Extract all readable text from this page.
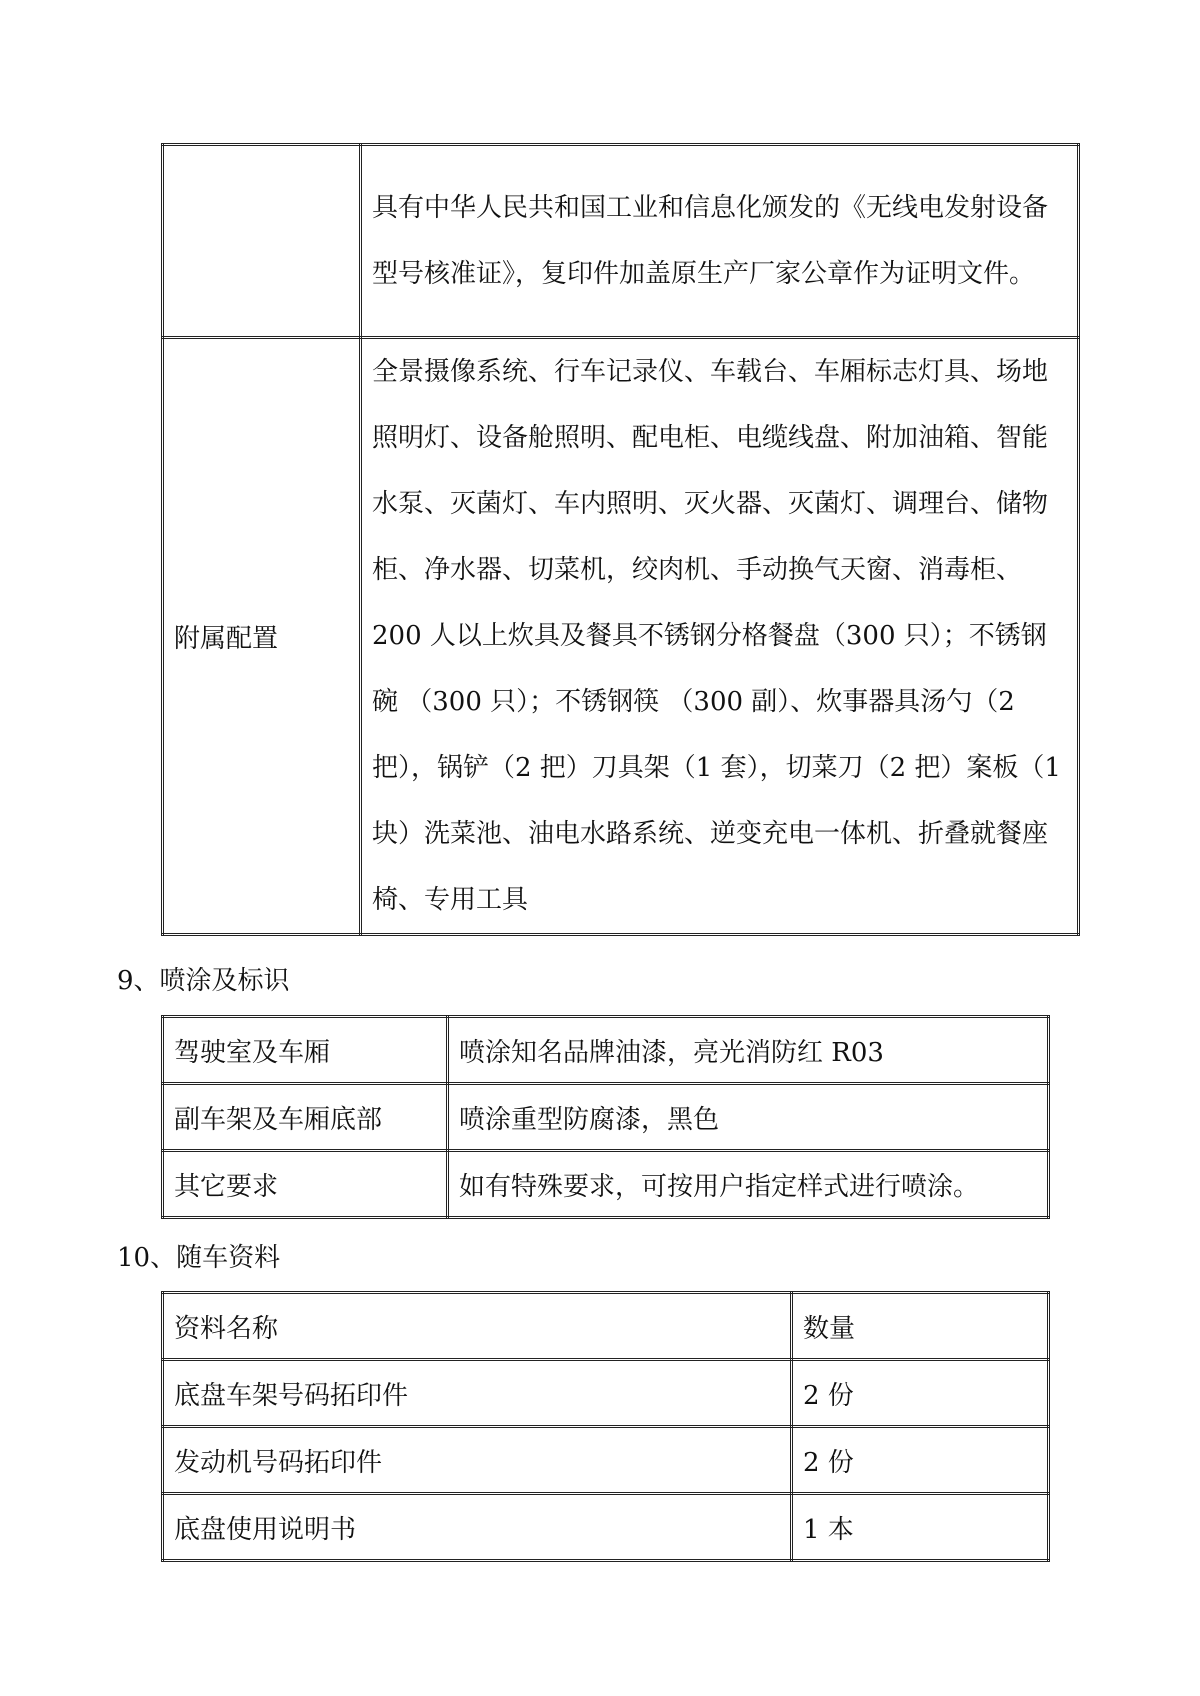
	具有中华人民共和国工业和信息化颁发的《无线电发射设备型号核准证》，复印件加盖原生产厂家公章作为证明文件。
附属配置	全景摄像系统、行车记录仪、车载台、车厢标志灯具、场地照明灯、设备舱照明、配电柜、电缆线盘、附加油箱、智能水泵、灭菌灯、车内照明、灭火器、灭菌灯、调理台、储物柜、净水器、切菜机，绞肉机、手动换气天窗、消毒柜、200 人以上炊具及餐具不锈钢分格餐盘（300 只）；不锈钢碗 （300 只）；不锈钢筷 （300 副）、炊事器具汤勺（2 把），锅铲（2 把）刀具架（1 套），切菜刀（2 把）案板（1 块）洗菜池、油电水路系统、逆变充电一体机、折叠就餐座椅、专用工具
9、喷涂及标识
驾驶室及车厢	喷涂知名品牌油漆，亮光消防红 R03
副车架及车厢底部	喷涂重型防腐漆，黑色
其它要求	如有特殊要求，可按用户指定样式进行喷涂。
10、随车资料
资料名称	数量
底盘车架号码拓印件	2 份
发动机号码拓印件	2 份
底盘使用说明书	1 本
